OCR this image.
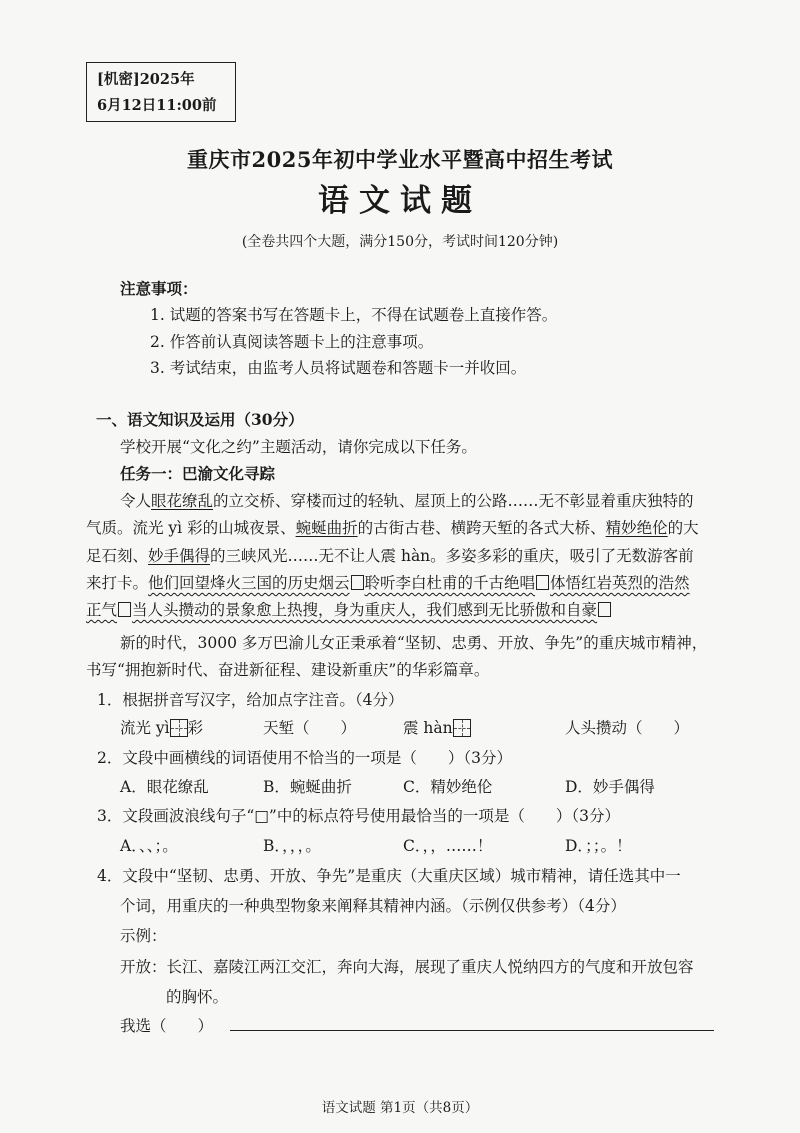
[机密]2025年
6月12日11:00前
重庆市2025年初中学业水平暨高中招生考试
语文试题
(全卷共四个大题，满分150分，考试时间120分钟)
注意事项：
1. 试题的答案书写在答题卡上，不得在试题卷上直接作答。
2. 作答前认真阅读答题卡上的注意事项。
3. 考试结束，由监考人员将试题卷和答题卡一并收回。
一、语文知识及运用（30分）
学校开展“文化之约”主题活动，请你完成以下任务。
任务一：巴渝文化寻踪
令人眼花缭乱的立交桥、穿楼而过的轻轨、屋顶上的公路……无不彰显着重庆独特的
气质。流光 yì 彩的山城夜景、蜿蜒曲折的古街古巷、横跨天堑的各式大桥、精妙绝伦的大
足石刻、妙手偶得的三峡风光……无不让人震 hàn。多姿多彩的重庆，吸引了无数游客前
来打卡。他们回望烽火三国的历史烟云 聆听李白杜甫的千古绝唱 体悟红岩英烈的浩然
正气 当人头攒动的景象愈上热搜，身为重庆人，我们感到无比骄傲和自豪
新的时代，3000 多万巴渝儿女正秉承着“坚韧、忠勇、开放、争先”的重庆城市精神，
书写“拥抱新时代、奋进新征程、建设新重庆”的华彩篇章。
1．根据拼音写汉字，给加点字注音。（4分）
流光 yì 彩	天堑（　　）	震 hàn	人头攒动（　　）
2．文段中画横线的词语使用不恰当的一项是（　　）（3分）
A．眼花缭乱	B．蜿蜒曲折	C．精妙绝伦	D．妙手偶得
3．文段画波浪线句子“□”中的标点符号使用最恰当的一项是（　　）（3分）
A．、、；。	B．，，，。	C．，，……！	D．；；。！
4．文段中“坚韧、忠勇、开放、争先”是重庆（大重庆区域）城市精神，请任选其中一
个词，用重庆的一种典型物象来阐释其精神内涵。（示例仅供参考）（4分）
示例：
开放：长江、嘉陵江两江交汇，奔向大海，展现了重庆人悦纳四方的气度和开放包容
的胸怀。
我选（　　）
语文试题 第1页（共8页）
